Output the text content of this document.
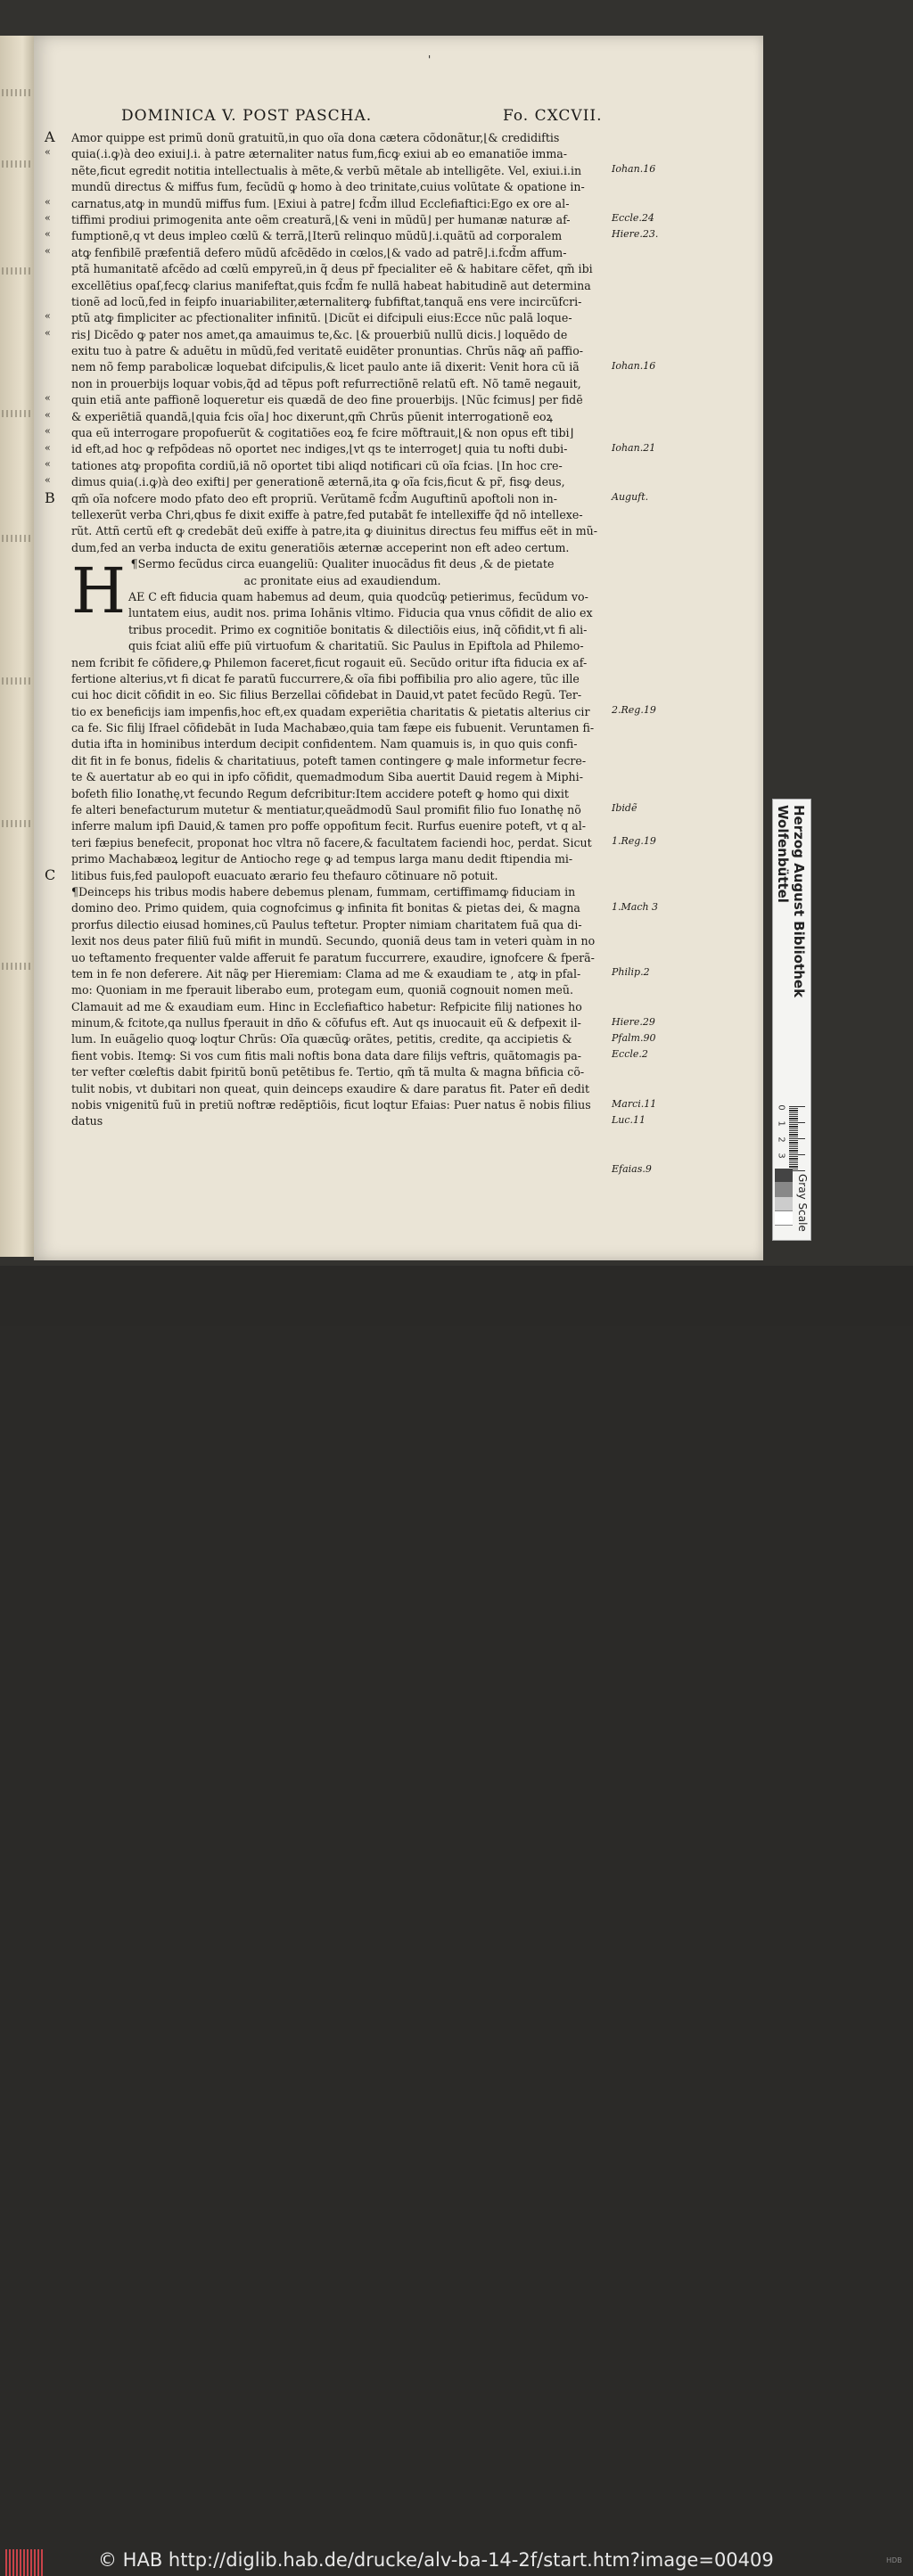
'
DOMINICA V. POST PASCHA.	Fo. CXCVII.
A
«
«
«
«
«
«
«
«
«
«
«
«
«
B
C
Amor quippe est primũ donũ gratuitũ,in quo oĩa dona cætera cõdonãtur,⌊& credidiftis
quia(.i.ꝙ)à deo exiui⌋.i. à patre æternaliter natus fum,ficꝙ exiui ab eo emanatiõe imma-
nẽte,ficut egredit notitia intellectualis à mẽte,& verbũ mẽtale ab intelligẽte. Vel, exiui.i.in
mundũ directus & miffus fum, fecũdũ ꝙ homo à deo trinitate,cuius volũtate & opatione in-
carnatus,atꝙ in mundũ miffus fum. ⌊Exiui à patre⌋ fcd̃m illud Ecclefiaftici:Ego ex ore al-
tiffimi prodiui primogenita ante oẽm creaturã,⌊& veni in mũdũ⌋ per humanæ naturæ af-
fumptionẽ,q vt deus impleo cœlũ & terrã,⌊Iterũ relinquo mũdũ⌋.i.quãtũ ad corporalem
atꝙ fenfibilẽ præfentiã defero mũdũ afcẽdẽdo in cœlos,⌊& vado ad patrẽ⌋.i.fcd̃m affum-
ptã humanitatẽ afcẽdo ad cœlũ empyreũ,in q̃ deus pr̃ fpecialiter eẽ & habitare cẽfet, qm̃ ibi
excellẽtius opaſ,fecꝙ clarius manifeftat,quis fcd̃m fe nullã habeat habitudinẽ aut determina
tionẽ ad locũ,fed in feipfo inuariabiliter,æternaliterꝙ fubfiftat,tanquã ens vere incircũfcri-
ptũ atꝙ fimpliciter ac pfectionaliter infinitũ. ⌊Dicũt ei difcipuli eius:Ecce nũc palã loque-
ris⌋ Dicẽdo ꝙ pater nos amet,qa amauimus te,&c. ⌊& prouerbiũ nullũ dicis.⌋ loquẽdo de
exitu tuo à patre & aduẽtu in mũdũ,fed veritatẽ euidẽter pronuntias. Chrũs nãꝙ añ paffio-
nem nõ femp parabolicæ loquebat difcipulis,& licet paulo ante iã dixerit: Venit hora cũ iã
non in prouerbijs loquar vobis,q̃d ad tẽpus poft refurrectiõnẽ relatũ eft. Nõ tamẽ negauit,
quin etiã ante paffionẽ loqueretur eis quædã de deo fine prouerbijs. ⌊Nũc fcimus⌋ per fidẽ
& experiẽtiã quandã,⌊quia fcis oĩa⌋ hoc dixerunt,qm̃ Chrũs pũenit interrogationẽ eoꝝ
qua eũ interrogare propofuerũt & cogitatiões eoꝝ fe fcire mõftrauit,⌊& non opus eft tibi⌋
id eft,ad hoc ꝙ refpõdeas nõ oportet nec indiges,⌊vt qs te interroget⌋ quia tu nofti dubi-
tationes atꝙ propofita cordiũ,iã nõ oportet tibi aliqd notificari cũ oĩa fcias. ⌊In hoc cre-
dimus quia(.i.ꝙ)à deo exifti⌋ per generationẽ æternã,ita ꝙ oĩa fcis,ficut & pr̃, fisꝙ deus,
qm̃ oĩa nofcere modo pfato deo eft propriũ. Verũtamẽ fcd̃m Auguftinũ apoftoli non in-
tellexerũt verba Chri,qbus fe dixit exiffe à patre,fed putabãt fe intellexiffe q̃d nõ intellexe-
rũt. Attñ certũ eft ꝙ credebãt deũ exiffe à patre,ita ꝙ diuinitus directus feu miffus eẽt in mũ-
dum,fed an verba inducta de exitu generatiõis æternæ acceperint non eft adeo certum.
¶Sermo fecũdus circa euangeliũ: Qualiter inuocãdus fit deus ,& de pietate
ac pronitate eius ad exaudiendum.
AE C eft fiducia quam habemus ad deum, quia quodcũꝙ petierimus, fecũdum vo-
luntatem eius, audit nos. prima Iohãnis vltimo. Fiducia qua vnus cõfidit de alio ex
tribus procedit. Primo ex cognitiõe bonitatis & dilectiõis eius, inq̃ cõfidit,vt fi ali-
quis fciat aliũ effe piũ virtuofum & charitatiũ. Sic Paulus in Epiftola ad Philemo-
nem fcribit fe cõfidere,ꝙ Philemon faceret,ficut rogauit eũ. Secũdo oritur ifta fiducia ex af-
fertione alterius,vt fi dicat fe paratũ fuccurrere,& oĩa fibi poffibilia pro alio agere, tũc ille
cui hoc dicit cõfidit in eo. Sic filius Berzellai cõfidebat in Dauid,vt patet fecũdo Regũ. Ter-
tio ex beneficijs iam impenfis,hoc eft,ex quadam experiẽtia charitatis & pietatis alterius cir
ca fe. Sic filij Ifrael cõfidebãt in Iuda Machabæo,quia tam fæpe eis fubuenit. Veruntamen fi-
dutia ifta in hominibus interdum decipit confidentem. Nam quamuis is, in quo quis confi-
dit fit in fe bonus, fidelis & charitatiuus, poteft tamen contingere ꝙ male informetur fecre-
te & auertatur ab eo qui in ipfo cõfidit, quemadmodum Siba auertit Dauid regem à Miphi-
bofeth filio Ionathę,vt fecundo Regum defcribitur:Item accidere poteft ꝙ homo qui dixit
fe alteri benefacturum mutetur & mentiatur,queãdmodũ Saul promifit filio fuo Ionathę nõ
inferre malum ipfi Dauid,& tamen pro poffe oppofitum fecit. Rurfus euenire poteft, vt q al-
teri fæpius benefecit, proponat hoc vltra nõ facere,& facultatem faciendi hoc, perdat. Sicut
primo Machabæoꝝ legitur de Antiocho rege ꝙ ad tempus larga manu dedit ftipendia mi-
litibus fuis,fed paulopoft euacuato ærario feu thefauro cõtinuare nõ potuit.
¶Deinceps his tribus modis habere debemus plenam, fummam, certiffimamꝙ fiduciam in
domino deo. Primo quidem, quia cognofcimus ꝙ infinita fit bonitas & pietas dei, & magna
prorfus dilectio eiusad homines,cũ Paulus teftetur. Propter nimiam charitatem fuã qua di-
lexit nos deus pater filiũ fuũ mifit in mundũ. Secundo, quoniã deus tam in veteri quàm in no
uo teftamento frequenter valde afferuit fe paratum fuccurrere, exaudire, ignofcere & fperã-
tem in fe non deferere. Ait nãꝙ per Hieremiam: Clama ad me & exaudiam te , atꝙ in pfal-
mo: Quoniam in me fperauit liberabo eum, protegam eum, quoniã cognouit nomen meũ.
Clamauit ad me & exaudiam eum. Hinc in Ecclefiaftico habetur: Refpicite filij nationes ho
minum,& fcitote,qa nullus fperauit in dño & cõfufus eft. Aut qs inuocauit eũ & defpexit il-
lum. In euãgelio quoꝙ loqtur Chrũs: Oĩa quæcũꝙ orãtes, petitis, credite, qa accipietis &
fient vobis. Itemꝙ: Si vos cum fitis mali noftis bona data dare filijs veftris, quãtomagis pa-
ter vefter cœleftis dabit fpiritũ bonũ petẽtibus fe. Tertio, qm̃ tã multa & magna bñficia cõ-
tulit nobis, vt dubitari non queat, quin deinceps exaudire & dare paratus fit. Pater eñ dedit
nobis vnigenitũ fuũ in pretiũ noftræ redẽptiõis, ficut loqtur Efaias: Puer natus ẽ nobis filius
datus
H
Iohan.16
Eccle.24
Hiere.23.
Iohan.16
Iohan.21
Auguft.
2.Reg.19
Ibidẽ
1.Reg.19
1.Mach 3
Philip.2
Hiere.29
Pfalm.90
Eccle.2
Marci.11
Luc.11
Efaias.9
Herzog August Bibliothek
Wolfenbüttel
0
1
2
3
Gray Scale
© HAB http://diglib.hab.de/drucke/alv-ba-14-2f/start.htm?image=00409	HDB
